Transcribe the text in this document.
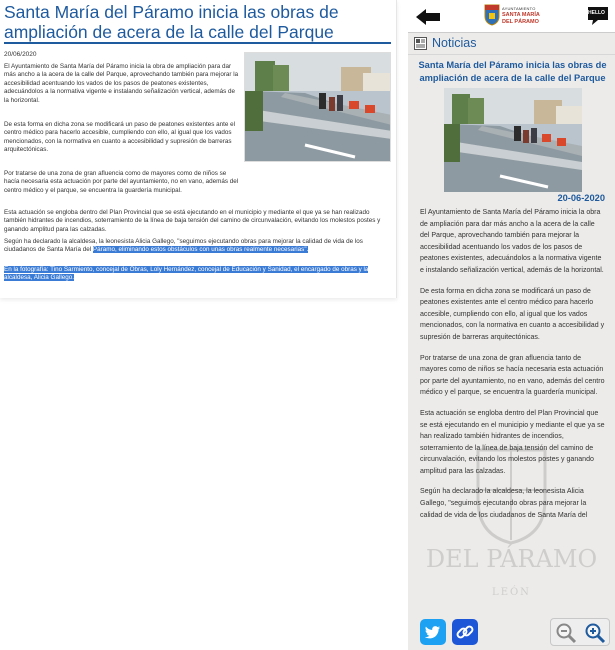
Santa María del Páramo inicia las obras de ampliación de acera de la calle del Parque
20/06/2020

El Ayuntamiento de Santa María del Páramo inicia la obra de ampliación para dar más ancho a la acera de la calle del Parque, aprovechando también para mejorar la accesibilidad acentuando los vados de los pasos de peatones existentes, adecuándolos a la normativa vigente e instalando señalización vertical, además de la horizontal.

De esta forma en dicha zona se modificará un paso de peatones existentes ante el centro médico para hacerlo accesible, cumpliendo con ello, al igual que los vados mencionados, con la normativa en cuanto a accesibilidad y supresión de barreras arquitectónicas.

Por tratarse de una zona de gran afluencia como de mayores como de niños se hacía necesaria esta actuación por parte del ayuntamiento, no en vano, además del centro médico y el parque, se encuentra la guardería municipal.

Esta actuación se engloba dentro del Plan Provincial que se está ejecutando en el municipio y mediante el que ya se han realizado también hidrantes de incendios, soterramiento de la línea de baja tensión del camino de circunvalación, evitando los molestos postes y ganando amplitud para las calzadas.

Según ha declarado la alcaldesa, la leonesista Alicia Gallego, "seguimos ejecutando obras para mejorar la calidad de vida de los ciudadanos de Santa María del Páramo, eliminando estos obstáculos con unas obras realmente necesarias".

En la fotografía: Tino Sarmiento, concejal de Obras, Loly Hernández, concejal de Educación y Sanidad, el encargado de obras y la alcaldesa, Alicia Gallego.

DEL PÁRAMO
LEÓN
AYUNTAMIENTO
SANTA MARÍA
DEL PÁRAMO
HELLO
Noticias
Santa María del Páramo inicia las obras de ampliación de acera de la calle del Parque
20-06-2020

El Ayuntamiento de Santa María del Páramo inicia la obra de ampliación para dar más ancho a la acera de la calle del Parque, aprovechando también para mejorar la accesibilidad acentuando los vados de los pasos de peatones existentes, adecuándolos a la normativa vigente e instalando señalización vertical, además de la horizontal.

De esta forma en dicha zona se modificará un paso de peatones existentes ante el centro médico para hacerlo accesible, cumpliendo con ello, al igual que los vados mencionados, con la normativa en cuanto a accesibilidad y supresión de barreras arquitectónicas.

Por tratarse de una zona de gran afluencia tanto de mayores como de niños se hacía necesaria esta actuación por parte del ayuntamiento, no en vano, además del centro médico y el parque, se encuentra la guardería municipal.

Esta actuación se engloba dentro del Plan Provincial que se está ejecutando en el municipio y mediante el que ya se han realizado también hidrantes de incendios, soterramiento de la línea de baja tensión del camino de circunvalación, evitando los molestos postes y ganando amplitud para las calzadas.

Según ha declarado la alcaldesa, la leonesista Alicia Gallego, "seguimos ejecutando obras para mejorar la calidad de vida de los ciudadanos de Santa María del
